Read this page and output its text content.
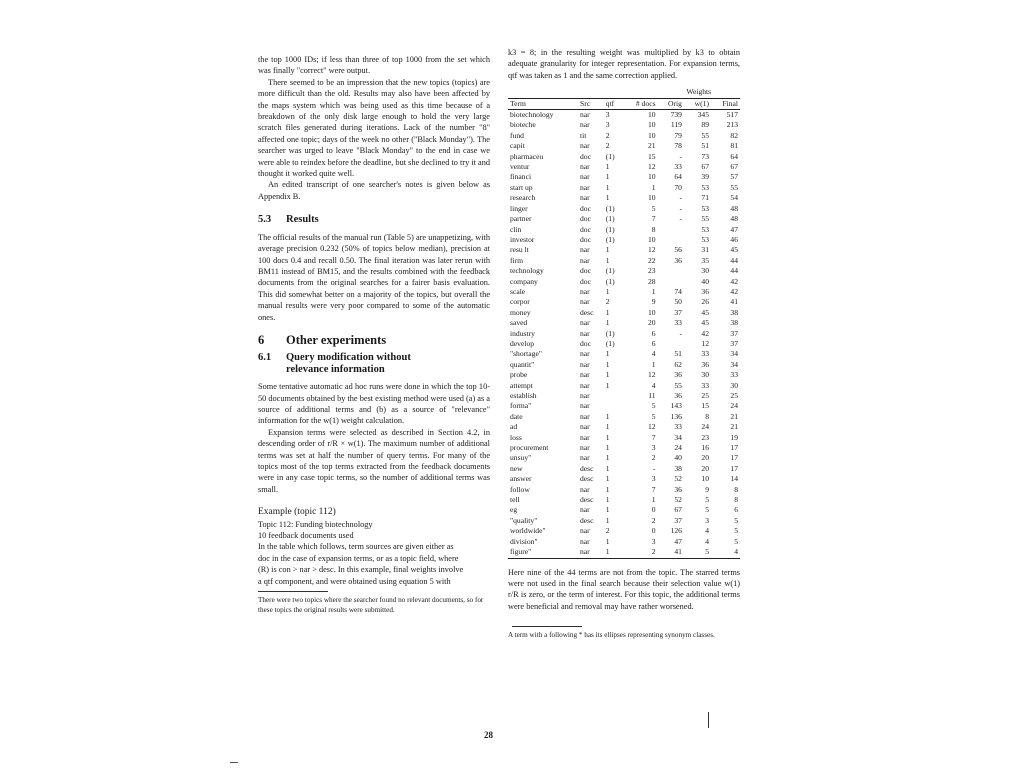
the top 1000 IDs; if less than three of top 1000 from the set which was finally "correct" were output.

There seemed to be an impression that the new topics (topics) are more difficult than the old. Results may also have been affected by the maps system which was being used as this time because of a breakdown of the only disk large enough to hold the very large scratch files generated during iterations. Lack of the number "8" affected one topic; days of the week no other ("Black Monday"). The searcher was urged to leave "Black Monday" to the end in case we were able to reindex before the deadline, but she declined to try it and thought it worked quite well.

An edited transcript of one searcher's notes is given below as Appendix B.

5.3 Results

The official results of the manual run (Table 5) are unappetizing, with average precision 0.232 (50% of topics below median), precision at 100 docs 0.4 and recall 0.50. The final iteration was later rerun with BM11 instead of BM15, and the results combined with the feedback documents from the original searches for a fairer basis evaluation. This did somewhat better on a majority of the topics, but overall the manual results were very poor compared to some of the automatic ones.

6 Other experiments
6.1 Query modification without
relevance information

Some tentative automatic ad hoc runs were done in which the top 10-50 documents obtained by the best existing method were used (a) as a source of additional terms and (b) as a source of "relevance" information for the w(1) weight calculation.

Expansion terms were selected as described in Section 4.2, in descending order of r/R × w(1). The maximum number of additional terms was set at half the number of query terms. For many of the topics most of the top terms extracted from the feedback documents were in any case topic terms, so the number of additional terms was small.

Example (topic 112)
Topic 112: Funding biotechnology
10 feedback documents used
In the table which follows, term sources are given either as
doc in the case of expansion terms, or as a topic field, where
(R) is con > nar > desc. In this example, final weights involve
a qtf component, and were obtained using equation 5 with

There were two topics where the searcher found no relevant documents, so for these topics the original results were submitted.

k3 = 8; in the resulting weight was multiplied by k3 to obtain adequate granularity for integer representation. For expansion terms, qtf was taken as 1 and the same correction applied.

				Weights		
Term	Src	qtf	# docs	Orig	w(1)	Final
biotechnology	nar	3	10	739	345	517
bioteche	nar	3	10	119	89	213
fund	tit	2	10	79	55	82
capit	nar	2	21	78	51	81
pharmaceu	doc	(1)	15	-	73	64
ventur	nar	1	12	33	67	67
financi	nar	1	10	64	39	57
start up	nar	1	1	70	53	55
research	nar	1	10	-	71	54
linger	doc	(1)	5	-	53	48
partner	doc	(1)	7	-	55	48
clin	doc	(1)	8		53	47
investor	doc	(1)	10		53	46
resu lt	nar	1	12	56	31	45
firm	nar	1	22	36	35	44
technology	doc	(1)	23		30	44
company	doc	(1)	28		40	42
scale	nar	1	1	74	36	42
corpor	nar	2	9	50	26	41
money	desc	1	10	37	45	38
saved	nar	1	20	33	45	38
industry	nar	(1)	6	-	42	37
develop	doc	(1)	6		12	37
"shortage"	nar	1	4	51	33	34
quantit"	nar	1	1	62	36	34
probe	nar	1	12	36	30	33
attempt	nar	1	4	55	33	30
establish	nar		11	36	25	25
forma"	nar		5	143	15	24
date	nar	1	5	136	8	21
ad	nar	1	12	33	24	21
loss	nar	1	7	34	23	19
procurement	nar	1	3	24	16	17
unsuy"	nar	1	2	40	20	17
new	desc	1	-	38	20	17
answer	desc	1	3	52	10	14
follow	nar	1	7	36	9	8
tell	desc	1	1	52	5	8
eg	nar	1	0	67	5	6
"quality"	desc	1	2	37	3	5
worldwide"	nar	2	0	126	4	5
division"	nar	1	3	47	4	5
figure"	nar	1	2	41	5	4

Here nine of the 44 terms are not from the topic. The starred terms were not used in the final search because their selection value w(1) r/R is zero, or the term of interest. For this topic, the additional terms were beneficial and removal may have rather worsened.

A term with a following * has its ellipses representing synonym classes.

28
